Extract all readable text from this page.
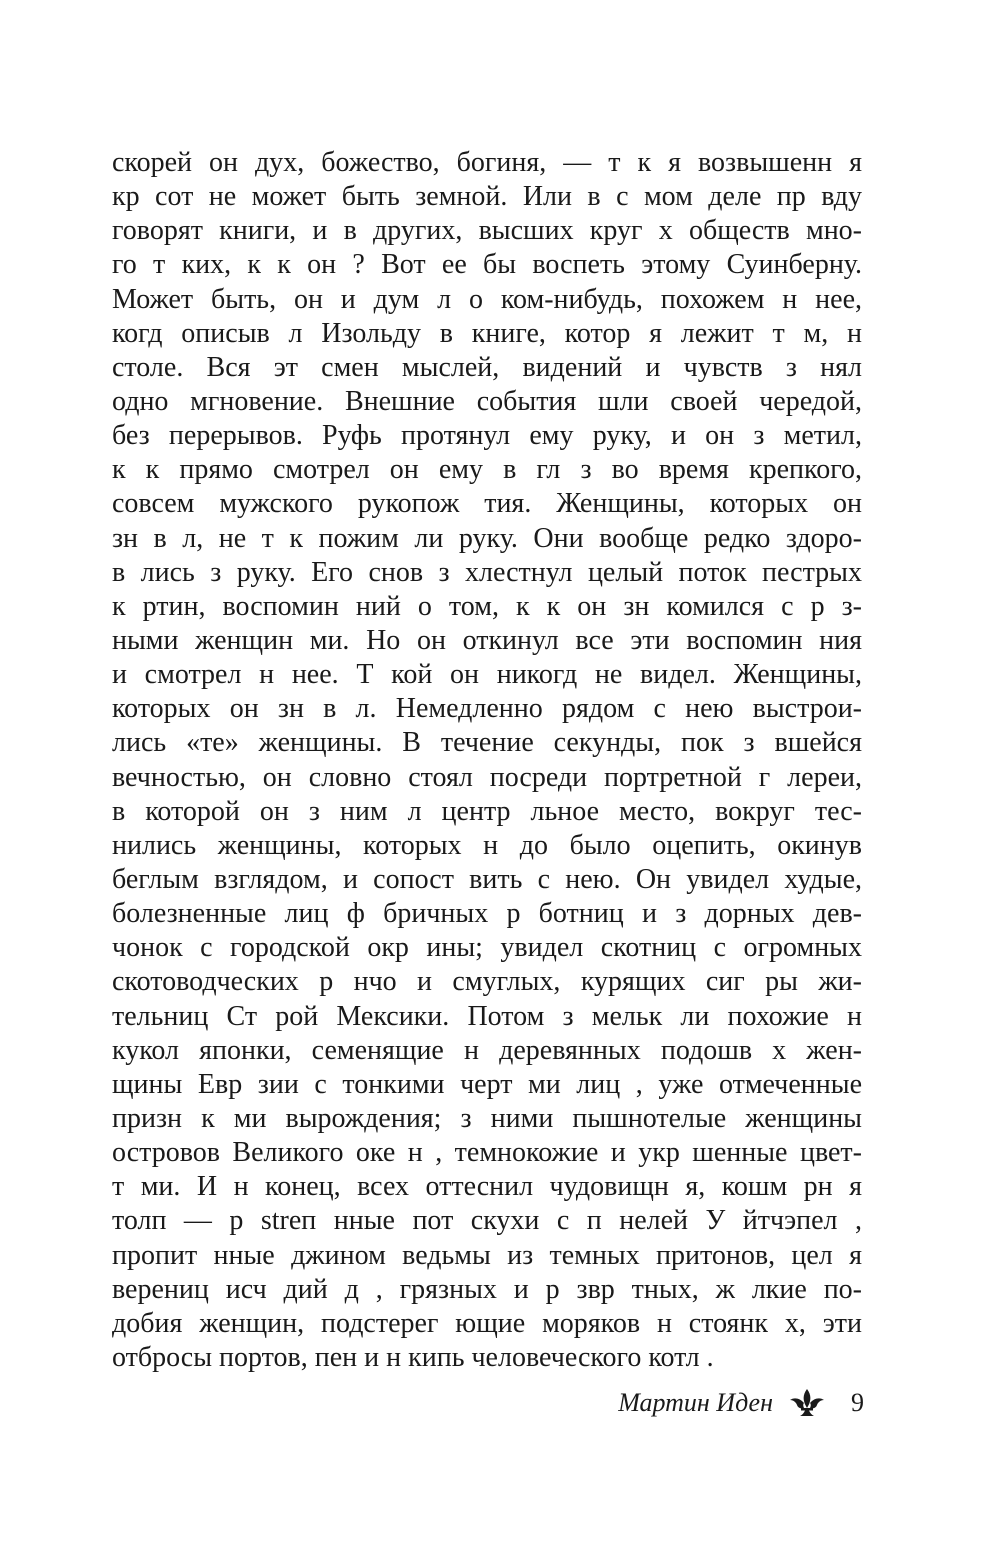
скорей он дух, божество, богиня, — т к я возвышенн я
кр сот не может быть земной. Или в с мом деле пр вду
говорят книги, и в других, высших круг х обществ мно-
го т ких, к к он ? Вот ее бы воспеть этому Суинберну.
Может быть, он и дум л о ком-нибудь, похожем н нее,
когд описыв л Изольду в книге, котор я лежит т м, н
столе. Вся эт смен мыслей, видений и чувств з нял
одно мгновение. Внешние события шли своей чередой,
без перерывов. Руфь протянул ему руку, и он з метил,
к к прямо смотрел он ему в гл з во время крепкого,
совсем мужского рукопож тия. Женщины, которых он
зн в л, не т к пожим ли руку. Они вообще редко здоро-
в лись з руку. Его снов з хлестнул целый поток пестрых
к ртин, воспомин ний о том, к к он зн комился с р з-
ными женщин ми. Но он откинул все эти воспомин ния
и смотрел н нее. Т кой он никогд не видел. Женщины,
которых он зн в л. Немедленно рядом с нею выстрои-
лись «те» женщины. В течение секунды, пок з вшейся
вечностью, он словно стоял посреди портретной г лереи,
в которой он з ним л центр льное место, вокруг тес-
нились женщины, которых н до было оцепить, окинув
беглым взглядом, и сопост вить с нею. Он увидел худые,
болезненные лиц ф бричных р ботниц и з дорных дев-
чонок с городской окр ины; увидел скотниц с огромных
скотоводческих р нчо и смуглых, курящих сиг ры жи-
тельниц Ст рой Мексики. Потом з мельк ли похожие н
кукол японки, семенящие н деревянных подошв х жен-
щины Евр зии с тонкими черт ми лиц , уже отмеченные
призн к ми вырождения; з ними пышнотелые женщины
островов Великого оке н , темнокожие и укр шенные цвет-
т ми. И н конец, всех оттеснил чудовищн я, кошм рн я
толп — р streп нные пот скухи с п нелей У йтчэпел ,
пропит нные джином ведьмы из темных притонов, цел я
верениц исч дий д , грязных и р звр тных, ж лкие по-
добия женщин, подстерег ющие моряков н стоянк х, эти
отбросы портов, пен и н кипь человеческого котл .
Мартин Иден	9
